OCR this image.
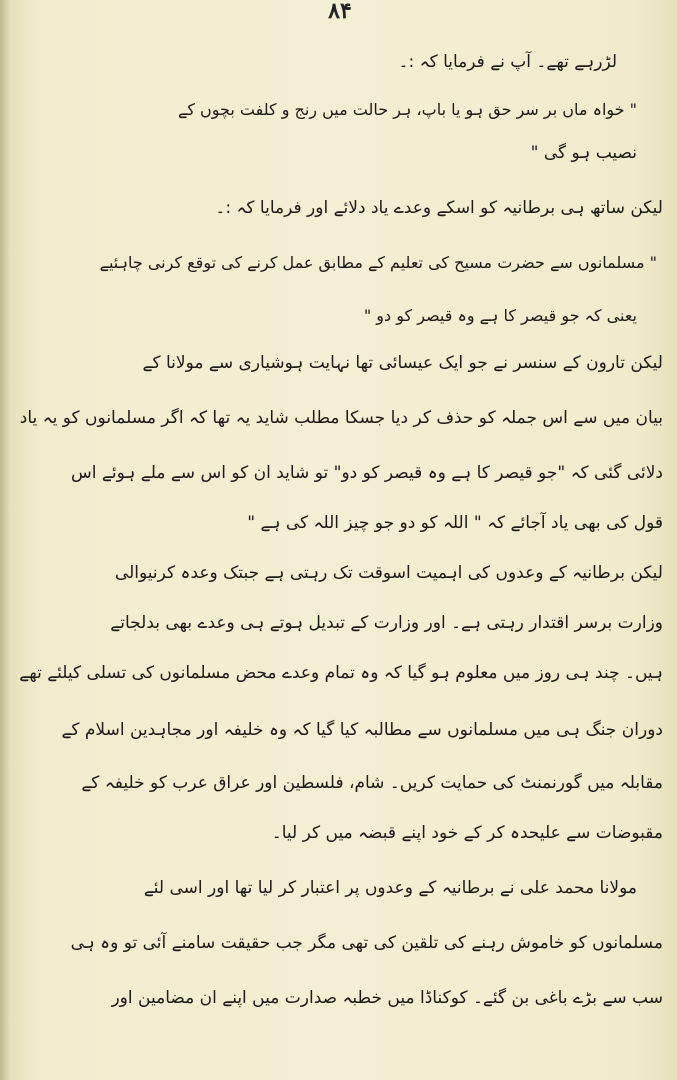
۸۴
لڑرہے تھے۔ آپ نے فرمایا کہ :۔
" خواہ ماں بر سر حق ہو یا باپ، ہر حالت میں رنج و کلفت بچوں کے
نصیب ہو گی "
لیکن ساتھ ہی برطانیہ کو اسکے وعدے یاد دلائے اور فرمایا کہ :۔
" مسلمانوں سے حضرت مسیح کی تعلیم کے مطابق عمل کرنے کی توقع کرنی چاہئیے
یعنی کہ جو قیصر کا ہے وہ قیصر کو دو "
لیکن تارون کے سنسر نے جو ایک عیسائی تھا نہایت ہوشیاری سے مولانا کے
بیان میں سے اس جملہ کو حذف کر دیا جسکا مطلب شاید یہ تھا کہ اگر مسلمانوں کو یہ یاد
دلائی گئی کہ "جو قیصر کا ہے وہ قیصر کو دو" تو شاید ان کو اس سے ملے ہوئے اس
قول کی بھی یاد آجائے کہ " اللہ کو دو جو چیز اللہ کی ہے "
لیکن برطانیہ کے وعدوں کی اہمیت اسوقت تک رہتی ہے جبتک وعدہ کرنیوالی
وزارت برسر اقتدار رہتی ہے۔ اور وزارت کے تبدیل ہوتے ہی وعدے بھی بدلجاتے
ہیں۔ چند ہی روز میں معلوم ہو گیا کہ وہ تمام وعدے محض مسلمانوں کی تسلی کیلئے تھے
دوران جنگ ہی میں مسلمانوں سے مطالبہ کیا گیا کہ وہ خلیفہ اور مجاہدین اسلام کے
مقابلہ میں گورنمنٹ کی حمایت کریں۔ شام، فلسطین اور عراق عرب کو خلیفہ کے
مقبوضات سے علیحدہ کر کے خود اپنے قبضہ میں کر لیا۔
مولانا محمد علی نے برطانیہ کے وعدوں پر اعتبار کر لیا تھا اور اسی لئے
مسلمانوں کو خاموش رہنے کی تلقین کی تھی مگر جب حقیقت سامنے آئی تو وہ ہی
سب سے بڑے باغی بن گئے۔ کوکناڈا میں خطبہ صدارت میں اپنے ان مضامین اور
